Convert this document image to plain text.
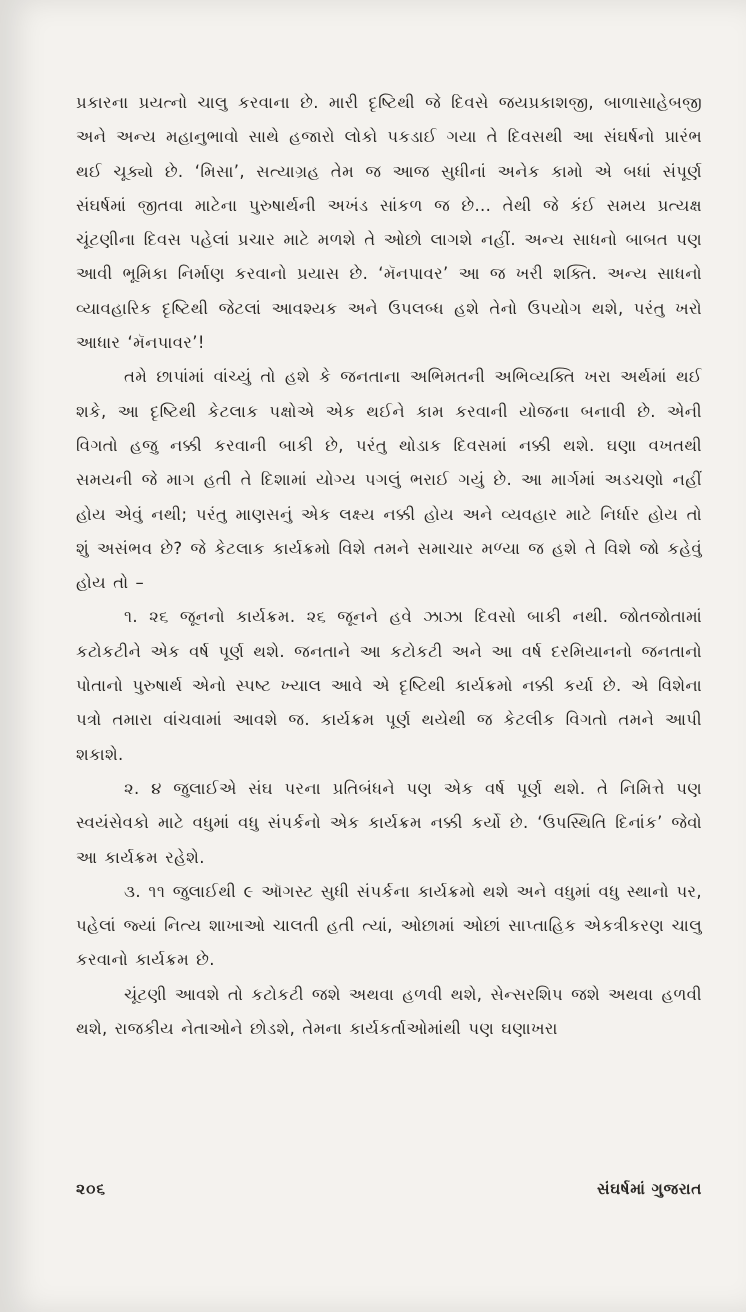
પ્રકારના પ્રયત્નો ચાલુ કરવાના છે. મારી દૃષ્ટિથી જે દિવસે જયપ્રકાશજી, બાળાસાહેબજી અને અન્ય મહાનુભાવો સાથે હજારો લોકો પકડાઈ ગયા તે દિવસથી આ સંઘર્ષનો પ્રારંભ થઈ ચૂક્યો છે. ‘મિસા’, સત્યાગ્રહ તેમ જ આજ સુધીનાં અનેક કામો એ બધાં સંપૂર્ણ સંઘર્ષમાં જીતવા માટેના પુરુષાર્થની અખંડ સાંકળ જ છે... તેથી જે કંઈ સમય પ્રત્યક્ષ ચૂંટણીના દિવસ પહેલાં પ્રચાર માટે મળશે તે ઓછો લાગશે નહીં. અન્ય સાધનો બાબત પણ આવી ભૂમિકા નિર્માણ કરવાનો પ્રયાસ છે. ‘મૅનપાવર’ આ જ ખરી શક્તિ. અન્ય સાધનો વ્યાવહારિક દૃષ્ટિથી જેટલાં આવશ્યક અને ઉપલબ્ધ હશે તેનો ઉપયોગ થશે, પરંતુ ખરો આધાર ‘મૅનપાવર’!

તમે છાપાંમાં વાંચ્યું તો હશે કે જનતાના અભિમતની અભિવ્યક્તિ ખરા અર્થમાં થઈ શકે, આ દૃષ્ટિથી કેટલાક પક્ષોએ એક થઈને કામ કરવાની યોજના બનાવી છે. એની વિગતો હજુ નક્કી કરવાની બાકી છે, પરંતુ થોડાક દિવસમાં નક્કી થશે. ઘણા વખતથી સમયની જે માગ હતી તે દિશામાં યોગ્ય પગલું ભરાઈ ગયું છે. આ માર્ગમાં અડચણો નહીં હોય એવું નથી; પરંતુ માણસનું એક લક્ષ્ય નક્કી હોય અને વ્યવહાર માટે નિર્ધાર હોય તો શું અસંભવ છે? જે કેટલાક કાર્યક્રમો વિશે તમને સમાચાર મળ્યા જ હશે તે વિશે જો કહેવું હોય તો –

૧. ૨૬ જૂનનો કાર્યક્રમ. ૨૬ જૂનને હવે ઝાઝા દિવસો બાકી નથી. જોતજોતામાં કટોકટીને એક વર્ષ પૂર્ણ થશે. જનતાને આ કટોકટી અને આ વર્ષ દરમિયાનનો જનતાનો પોતાનો પુરુષાર્થ એનો સ્પષ્ટ ખ્યાલ આવે એ દૃષ્ટિથી કાર્યક્રમો નક્કી કર્યા છે. એ વિશેના પત્રો તમારા વાંચવામાં આવશે જ. કાર્યક્રમ પૂર્ણ થયેથી જ કેટલીક વિગતો તમને આપી શકાશે.

૨. ૪ જુલાઈએ સંઘ પરના પ્રતિબંધને પણ એક વર્ષ પૂર્ણ થશે. તે નિમિત્તે પણ સ્વયંસેવકો માટે વધુમાં વધુ સંપર્કનો એક કાર્યક્રમ નક્કી કર્યો છે. ‘ઉપસ્થિતિ દિનાંક’ જેવો આ કાર્યક્રમ રહેશે.

૩. ૧૧ જુલાઈથી ૯ ઑગસ્ટ સુધી સંપર્કના કાર્યક્રમો થશે અને વધુમાં વધુ સ્થાનો પર, પહેલાં જ્યાં નિત્ય શાખાઓ ચાલતી હતી ત્યાં, ઓછામાં ઓછાં સાપ્તાહિક એકત્રીકરણ ચાલુ કરવાનો કાર્યક્રમ છે.

ચૂંટણી આવશે તો કટોકટી જશે અથવા હળવી થશે, સેન્સરશિપ જશે અથવા હળવી થશે, રાજકીય નેતાઓને છોડશે, તેમના કાર્યકર્તાઓમાંથી પણ ઘણાખરા

૨૦૬	સંઘર્ષમાં ગુજરાત
